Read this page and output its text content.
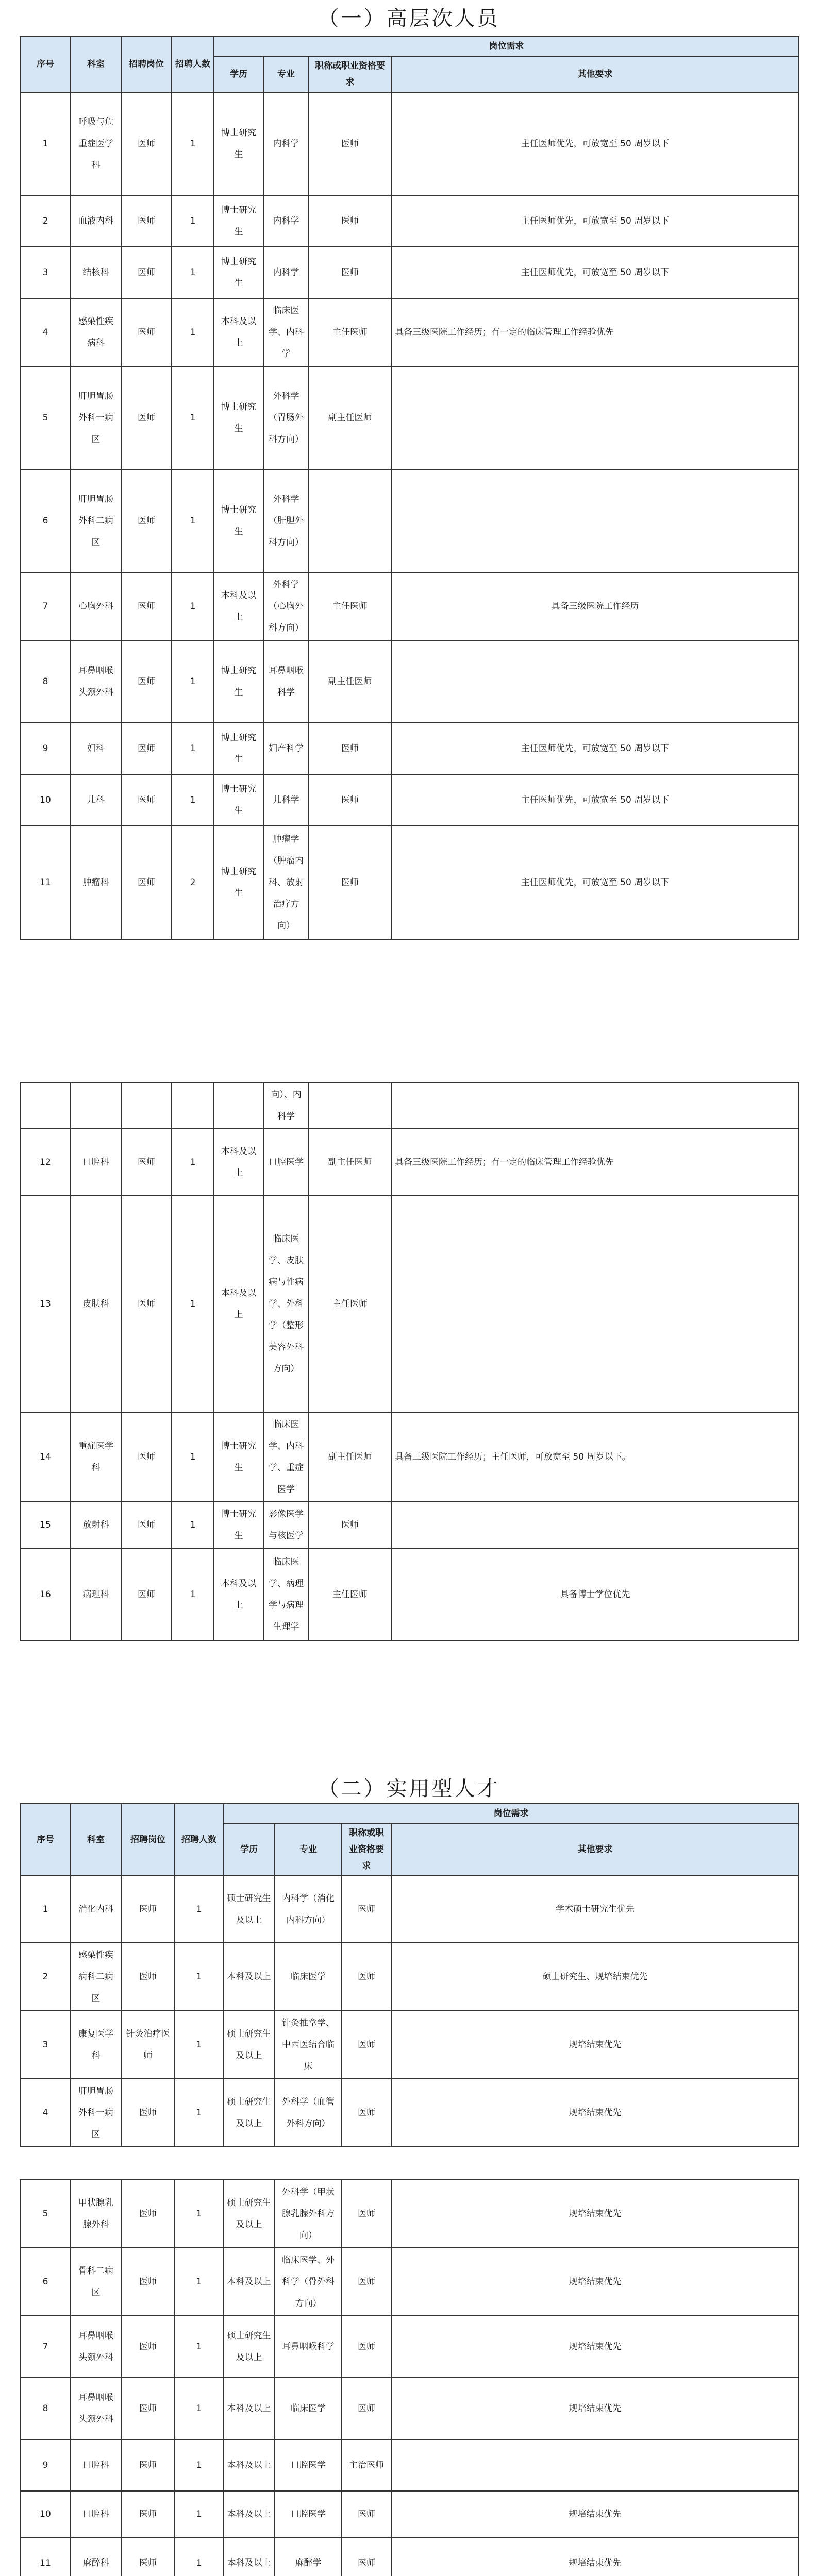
（一）高层次人员
序号	科室	招聘岗位	招聘人数	岗位需求			
				学历	专业	职称或职业资格要求	其他要求
1	呼吸与危重症医学科	医师	1	博士研究生	内科学	医师	主任医师优先，可放宽至 50 周岁以下
2	血液内科	医师	1	博士研究生	内科学	医师	主任医师优先，可放宽至 50 周岁以下
3	结核科	医师	1	博士研究生	内科学	医师	主任医师优先，可放宽至 50 周岁以下
4	感染性疾病科	医师	1	本科及以上	临床医学、内科学	主任医师	具备三级医院工作经历；有一定的临床管理工作经验优先
5	肝胆胃肠外科一病区	医师	1	博士研究生	外科学（胃肠外科方向）	副主任医师	
6	肝胆胃肠外科二病区	医师	1	博士研究生	外科学（肝胆外科方向）		
7	心胸外科	医师	1	本科及以上	外科学（心胸外科方向）	主任医师	具备三级医院工作经历
8	耳鼻咽喉头颈外科	医师	1	博士研究生	耳鼻咽喉科学	副主任医师	
9	妇科	医师	1	博士研究生	妇产科学	医师	主任医师优先，可放宽至 50 周岁以下
10	儿科	医师	1	博士研究生	儿科学	医师	主任医师优先，可放宽至 50 周岁以下
11	肿瘤科	医师	2	博士研究生	肿瘤学（肿瘤内科、放射治疗方向）	医师	主任医师优先，可放宽至 50 周岁以下
					向）、内科学		
12	口腔科	医师	1	本科及以上	口腔医学	副主任医师	具备三级医院工作经历；有一定的临床管理工作经验优先
13	皮肤科	医师	1	本科及以上	临床医学、皮肤病与性病学、外科学（整形美容外科方向）	主任医师	
14	重症医学科	医师	1	博士研究生	临床医学、内科学、重症医学	副主任医师	具备三级医院工作经历；主任医师，可放宽至 50 周岁以下。
15	放射科	医师	1	博士研究生	影像医学与核医学	医师	
16	病理科	医师	1	本科及以上	临床医学、病理学与病理生理学	主任医师	具备博士学位优先
（二）实用型人才
序号	科室	招聘岗位	招聘人数	岗位需求			
				学历	专业	职称或职业资格要求	其他要求
1	消化内科	医师	1	硕士研究生及以上	内科学（消化内科方向）	医师	学术硕士研究生优先
2	感染性疾病科二病区	医师	1	本科及以上	临床医学	医师	硕士研究生、规培结束优先
3	康复医学科	针灸治疗医师	1	硕士研究生及以上	针灸推拿学、中西医结合临床	医师	规培结束优先
4	肝胆胃肠外科一病区	医师	1	硕士研究生及以上	外科学（血管外科方向）	医师	规培结束优先
5	甲状腺乳腺外科	医师	1	硕士研究生及以上	外科学（甲状腺乳腺外科方向）	医师	规培结束优先
6	骨科二病区	医师	1	本科及以上	临床医学、外科学（骨外科方向）	医师	规培结束优先
7	耳鼻咽喉头颈外科	医师	1	硕士研究生及以上	耳鼻咽喉科学	医师	规培结束优先
8	耳鼻咽喉头颈外科	医师	1	本科及以上	临床医学	医师	规培结束优先
9	口腔科	医师	1	本科及以上	口腔医学	主治医师	
10	口腔科	医师	1	本科及以上	口腔医学	医师	规培结束优先
11	麻醉科	医师	1	本科及以上	麻醉学	医师	规培结束优先
